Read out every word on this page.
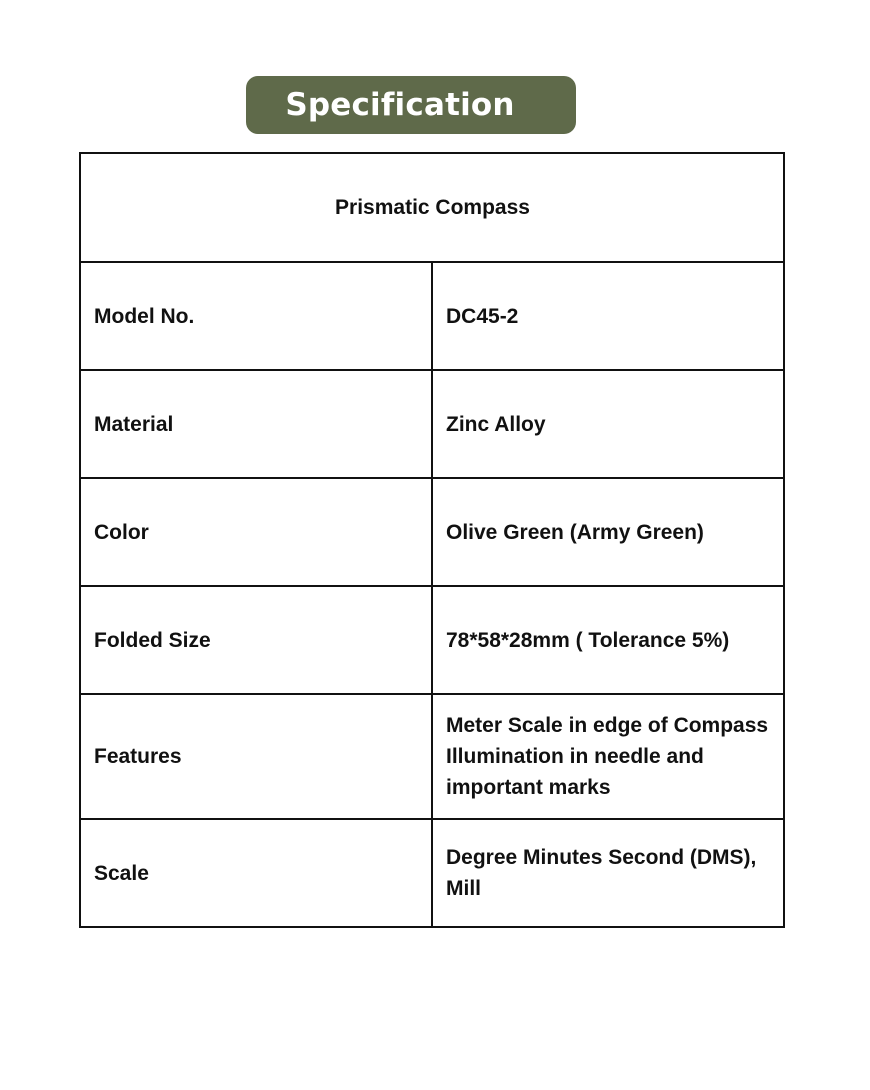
Specification
Prismatic Compass	
Model No.	DC45-2
Material	Zinc Alloy
Color	Olive Green (Army Green)
Folded Size	78*58*28mm ( Tolerance 5%)
Features	Meter Scale in edge of Compass Illumination in needle and important marks
Scale	Degree Minutes Second (DMS), Mill
